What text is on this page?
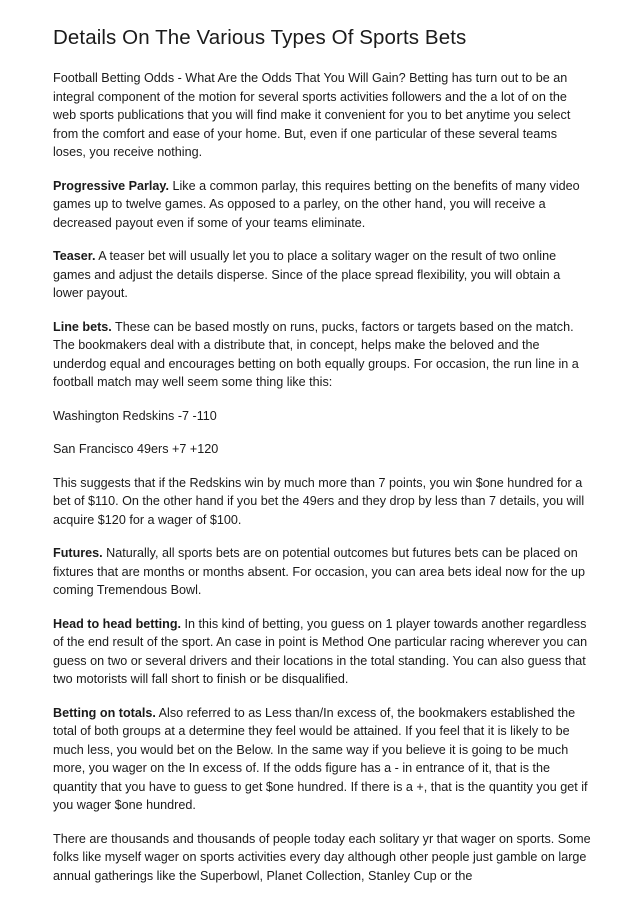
Details On The Various Types Of Sports Bets

Football Betting Odds - What Are the Odds That You Will Gain? Betting has turn out to be an integral component of the motion for several sports activities followers and the a lot of on the web sports publications that you will find make it convenient for you to bet anytime you select from the comfort and ease of your home. But, even if one particular of these several teams loses, you receive nothing.

Progressive Parlay. Like a common parlay, this requires betting on the benefits of many video games up to twelve games. As opposed to a parley, on the other hand, you will receive a decreased payout even if some of your teams eliminate.

Teaser. A teaser bet will usually let you to place a solitary wager on the result of two online games and adjust the details disperse. Since of the place spread flexibility, you will obtain a lower payout.

Line bets. These can be based mostly on runs, pucks, factors or targets based on the match. The bookmakers deal with a distribute that, in concept, helps make the beloved and the underdog equal and encourages betting on both equally groups. For occasion, the run line in a football match may well seem some thing like this:

Washington Redskins -7 -110

San Francisco 49ers +7 +120

This suggests that if the Redskins win by much more than 7 points, you win $one hundred for a bet of $110. On the other hand if you bet the 49ers and they drop by less than 7 details, you will acquire $120 for a wager of $100.

Futures. Naturally, all sports bets are on potential outcomes but futures bets can be placed on fixtures that are months or months absent. For occasion, you can area bets ideal now for the up coming Tremendous Bowl.

Head to head betting. In this kind of betting, you guess on 1 player towards another regardless of the end result of the sport. An case in point is Method One particular racing wherever you can guess on two or several drivers and their locations in the total standing. You can also guess that two motorists will fall short to finish or be disqualified.

Betting on totals. Also referred to as Less than/In excess of, the bookmakers established the total of both groups at a determine they feel would be attained. If you feel that it is likely to be much less, you would bet on the Below. In the same way if you believe it is going to be much more, you wager on the In excess of. If the odds figure has a - in entrance of it, that is the quantity that you have to guess to get $one hundred. If there is a +, that is the quantity you get if you wager $one hundred.

There are thousands and thousands of people today each solitary yr that wager on sports. Some folks like myself wager on sports activities every day although other people just gamble on large annual gatherings like the Superbowl, Planet Collection, Stanley Cup or the
